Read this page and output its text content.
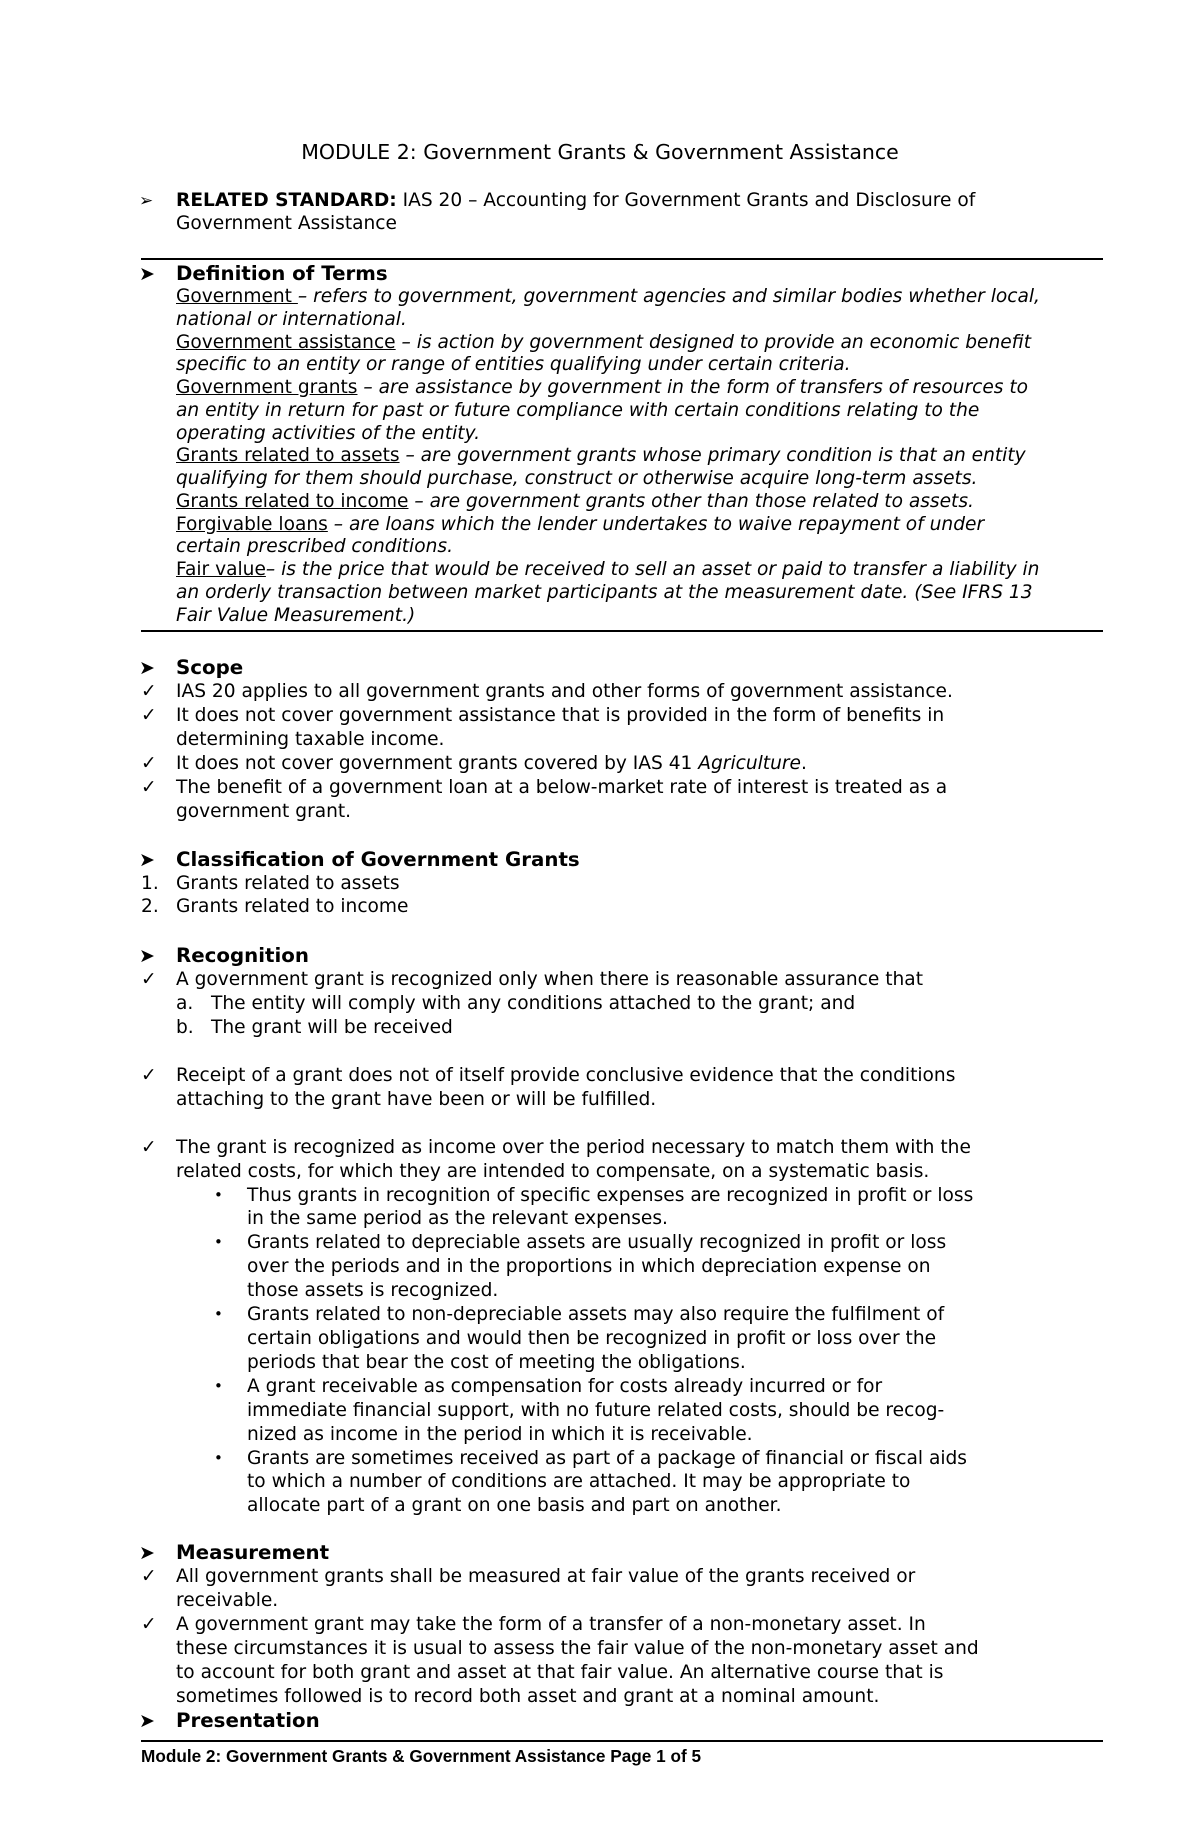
MODULE 2: Government Grants & Government Assistance
➢ RELATED STANDARD: IAS 20 – Accounting for Government Grants and Disclosure of
Government Assistance
➤ Definition of Terms

Government – refers to government, government agencies and similar bodies whether local,

national or international.

Government assistance – is action by government designed to provide an economic benefit

specific to an entity or range of entities qualifying under certain criteria.

Government grants – are assistance by government in the form of transfers of resources to

an entity in return for past or future compliance with certain conditions relating to the

operating activities of the entity.

Grants related to assets – are government grants whose primary condition is that an entity

qualifying for them should purchase, construct or otherwise acquire long-term assets.

Grants related to income – are government grants other than those related to assets.

Forgivable loans – are loans which the lender undertakes to waive repayment of under

certain prescribed conditions.

Fair value– is the price that would be received to sell an asset or paid to transfer a liability in

an orderly transaction between market participants at the measurement date. (See IFRS 13

Fair Value Measurement.)

➤	Scope
✓ IAS 20 applies to all government grants and other forms of government assistance.
✓ It does not cover government assistance that is provided in the form of benefits in
determining taxable income.
✓ It does not cover government grants covered by IAS 41 Agriculture.
✓ The benefit of a government loan at a below-market rate of interest is treated as a
government grant.
➤	Classification of Government Grants
1. Grants related to assets
2. Grants related to income
➤	Recognition
✓ A government grant is recognized only when there is reasonable assurance that
a. The entity will comply with any conditions attached to the grant; and
b. The grant will be received
✓ Receipt of a grant does not of itself provide conclusive evidence that the conditions
attaching to the grant have been or will be fulfilled.
✓ The grant is recognized as income over the period necessary to match them with the
related costs, for which they are intended to compensate, on a systematic basis.
• Thus grants in recognition of specific expenses are recognized in profit or loss
in the same period as the relevant expenses.
• Grants related to depreciable assets are usually recognized in profit or loss
over the periods and in the proportions in which depreciation expense on
those assets is recognized.
• Grants related to non-depreciable assets may also require the fulfilment of
certain obligations and would then be recognized in profit or loss over the
periods that bear the cost of meeting the obligations.
• A grant receivable as compensation for costs already incurred or for
immediate financial support, with no future related costs, should be recog-
nized as income in the period in which it is receivable.
• Grants are sometimes received as part of a package of financial or fiscal aids
to which a number of conditions are attached. It may be appropriate to
allocate part of a grant on one basis and part on another.
➤	Measurement
✓ All government grants shall be measured at fair value of the grants received or
receivable.
✓ A government grant may take the form of a transfer of a non-monetary asset. In
these circumstances it is usual to assess the fair value of the non-monetary asset and
to account for both grant and asset at that fair value. An alternative course that is
sometimes followed is to record both asset and grant at a nominal amount.
➤	Presentation
Module 2: Government Grants & Government Assistance Page 1 of 5
